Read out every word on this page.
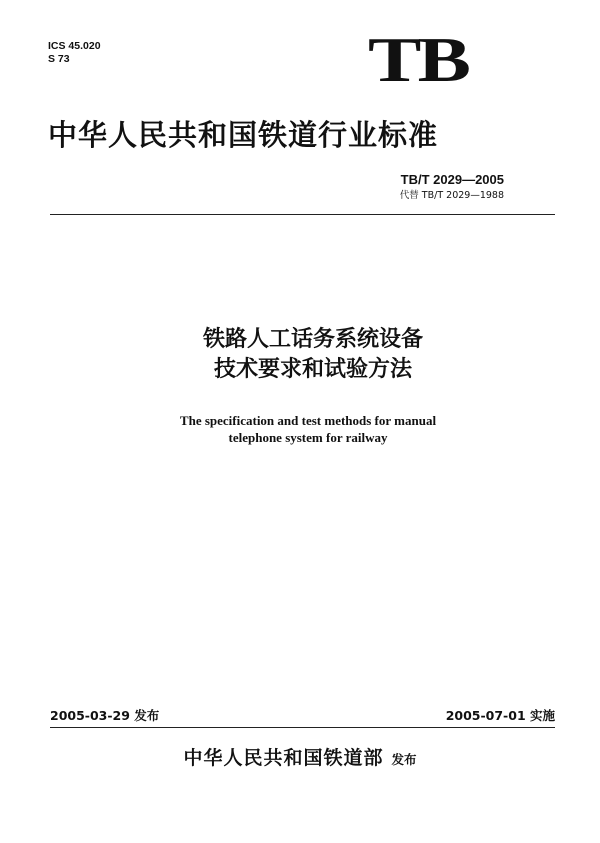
ICS 45.020
S 73	TB
中华人民共和国铁道行业标准
TB/T 2029—2005
代替 TB/T 2029—1988
铁路人工话务系统设备
技术要求和试验方法
The specification and test methods for manual
telephone system for railway
2005-03-29 发布	2005-07-01 实施
中华人民共和国铁道部 发布
